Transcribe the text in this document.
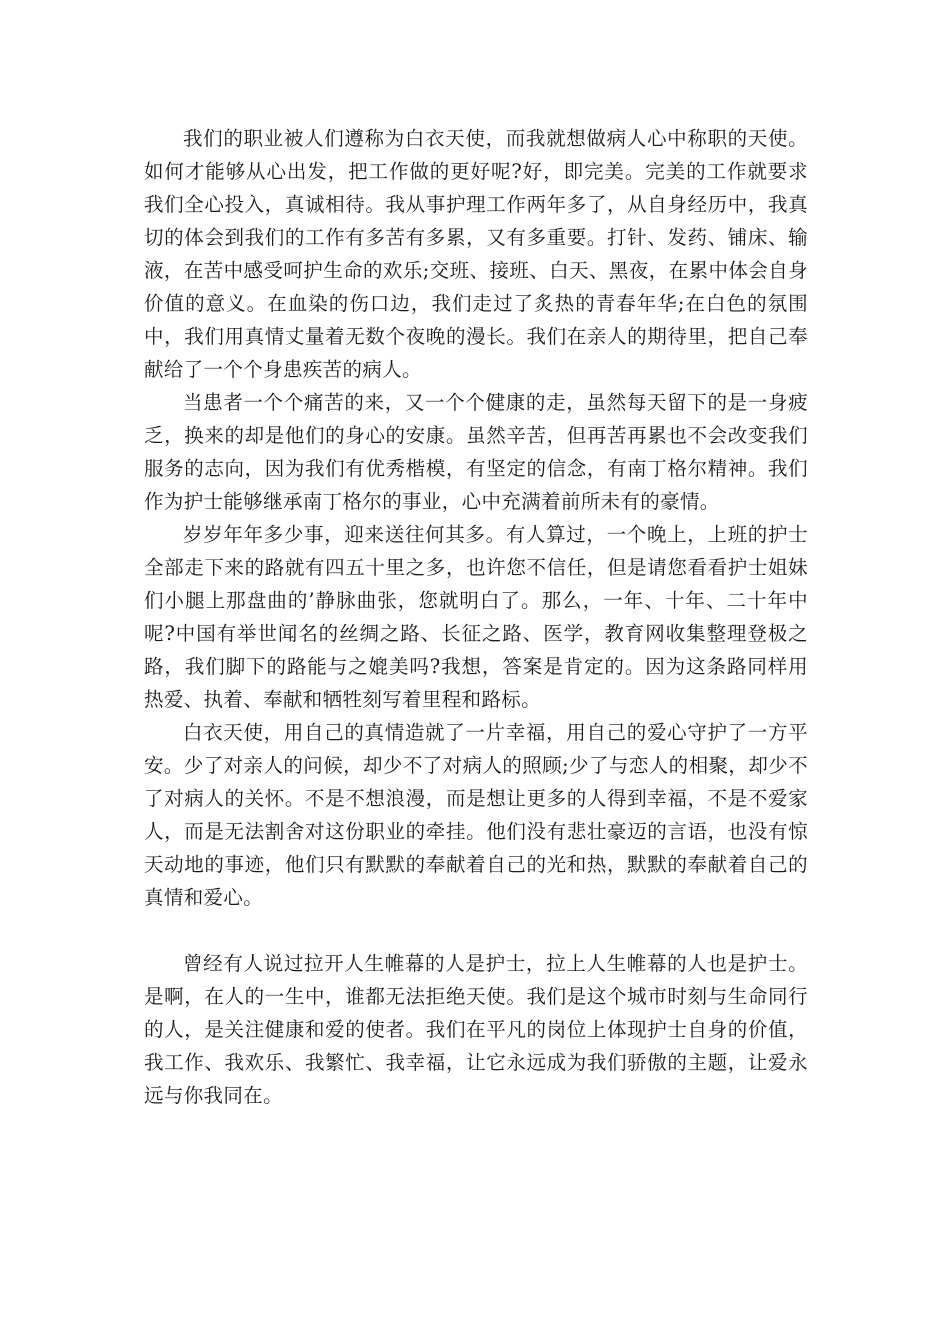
我们的职业被人们遵称为白衣天使，而我就想做病人心中称职的天使。如何才能够从心出发，把工作做的更好呢?好，即完美。完美的工作就要求我们全心投入，真诚相待。我从事护理工作两年多了，从自身经历中，我真切的体会到我们的工作有多苦有多累，又有多重要。打针、发药、铺床、输液，在苦中感受呵护生命的欢乐;交班、接班、白天、黑夜，在累中体会自身价值的意义。在血染的伤口边，我们走过了炙热的青春年华;在白色的氛围中，我们用真情丈量着无数个夜晚的漫长。我们在亲人的期待里，把自己奉献给了一个个身患疾苦的病人。

当患者一个个痛苦的来，又一个个健康的走，虽然每天留下的是一身疲乏，换来的却是他们的身心的安康。虽然辛苦，但再苦再累也不会改变我们服务的志向，因为我们有优秀楷模，有坚定的信念，有南丁格尔精神。我们作为护士能够继承南丁格尔的事业，心中充满着前所未有的豪情。

岁岁年年多少事，迎来送往何其多。有人算过，一个晚上，上班的护士全部走下来的路就有四五十里之多，也许您不信任，但是请您看看护士姐妹们小腿上那盘曲的’静脉曲张，您就明白了。那么，一年、十年、二十年中呢?中国有举世闻名的丝绸之路、长征之路、医学，教育网收集整理登极之路，我们脚下的路能与之媲美吗?我想，答案是肯定的。因为这条路同样用热爱、执着、奉献和牺牲刻写着里程和路标。

白衣天使，用自己的真情造就了一片幸福，用自己的爱心守护了一方平安。少了对亲人的问候，却少不了对病人的照顾;少了与恋人的相聚，却少不了对病人的关怀。不是不想浪漫，而是想让更多的人得到幸福，不是不爱家人，而是无法割舍对这份职业的牵挂。他们没有悲壮豪迈的言语，也没有惊天动地的事迹，他们只有默默的奉献着自己的光和热，默默的奉献着自己的真情和爱心。

曾经有人说过拉开人生帷幕的人是护士，拉上人生帷幕的人也是护士。是啊，在人的一生中，谁都无法拒绝天使。我们是这个城市时刻与生命同行的人，是关注健康和爱的使者。我们在平凡的岗位上体现护士自身的价值，我工作、我欢乐、我繁忙、我幸福，让它永远成为我们骄傲的主题，让爱永远与你我同在。
